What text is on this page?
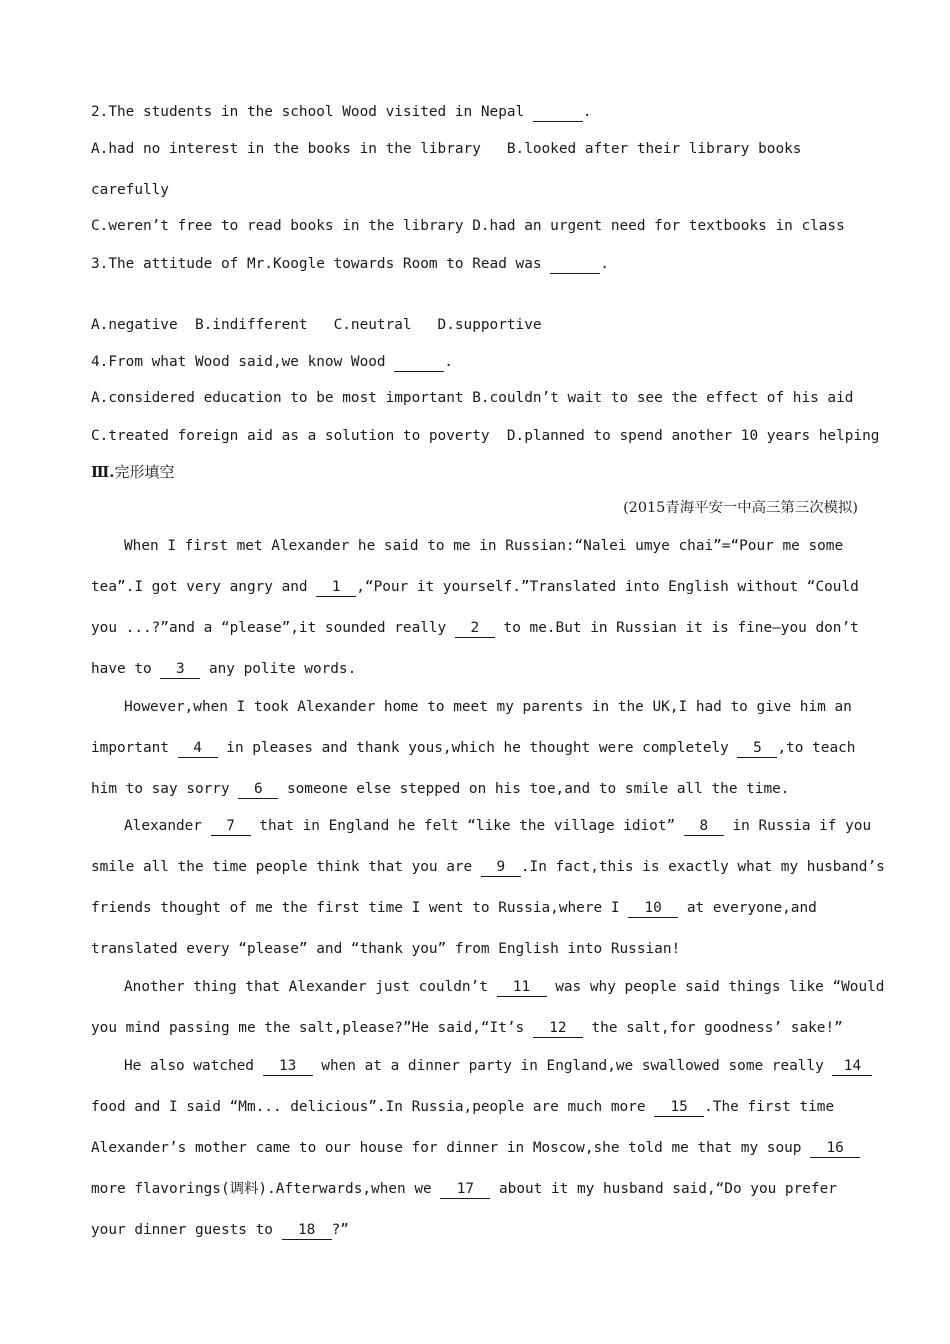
2.The students in the school Wood visited in Nepal	.
A.had no interest in the books in the library   B.looked after their library books
carefully
C.weren’t free to read books in the library D.had an urgent need for textbooks in class
3.The attitude of Mr.Koogle towards Room to Read was	.
A.negative  B.indifferent   C.neutral   D.supportive
4.From what Wood said,we know Wood	.
A.considered education to be most important B.couldn’t wait to see the effect of his aid
C.treated foreign aid as a solution to poverty  D.planned to spend another 10 years helping
Ⅲ.完形填空
(2015青海平安一中高三第三次模拟)
When I first met Alexander he said to me in Russian:“Nalei umye chai”=“Pour me some
tea”.I got very angry and 1 ,“Pour it yourself.”Translated into English without “Could
you ...?”and a “please”,it sounded really 2 to me.But in Russian it is fine—you don’t
have to 3 any polite words.
However,when I took Alexander home to meet my parents in the UK,I had to give him an
important 4 in pleases and thank yous,which he thought were completely 5 ,to teach
him to say sorry 6 someone else stepped on his toe,and to smile all the time.
Alexander 7 that in England he felt “like the village idiot” 8 in Russia if you
smile all the time people think that you are 9 .In fact,this is exactly what my husband’s
friends thought of me the first time I went to Russia,where I 10 at everyone,and
translated every “please” and “thank you” from English into Russian!
Another thing that Alexander just couldn’t 11 was why people said things like “Would
you mind passing me the salt,please?”He said,“It’s 12 the salt,for goodness’ sake!”
He also watched 13 when at a dinner party in England,we swallowed some really 14
food and I said “Mm... delicious”.In Russia,people are much more 15 .The first time
Alexander’s mother came to our house for dinner in Moscow,she told me that my soup 16
more flavorings(调料).Afterwards,when we 17 about it my husband said,“Do you prefer
your dinner guests to 18 ?”
